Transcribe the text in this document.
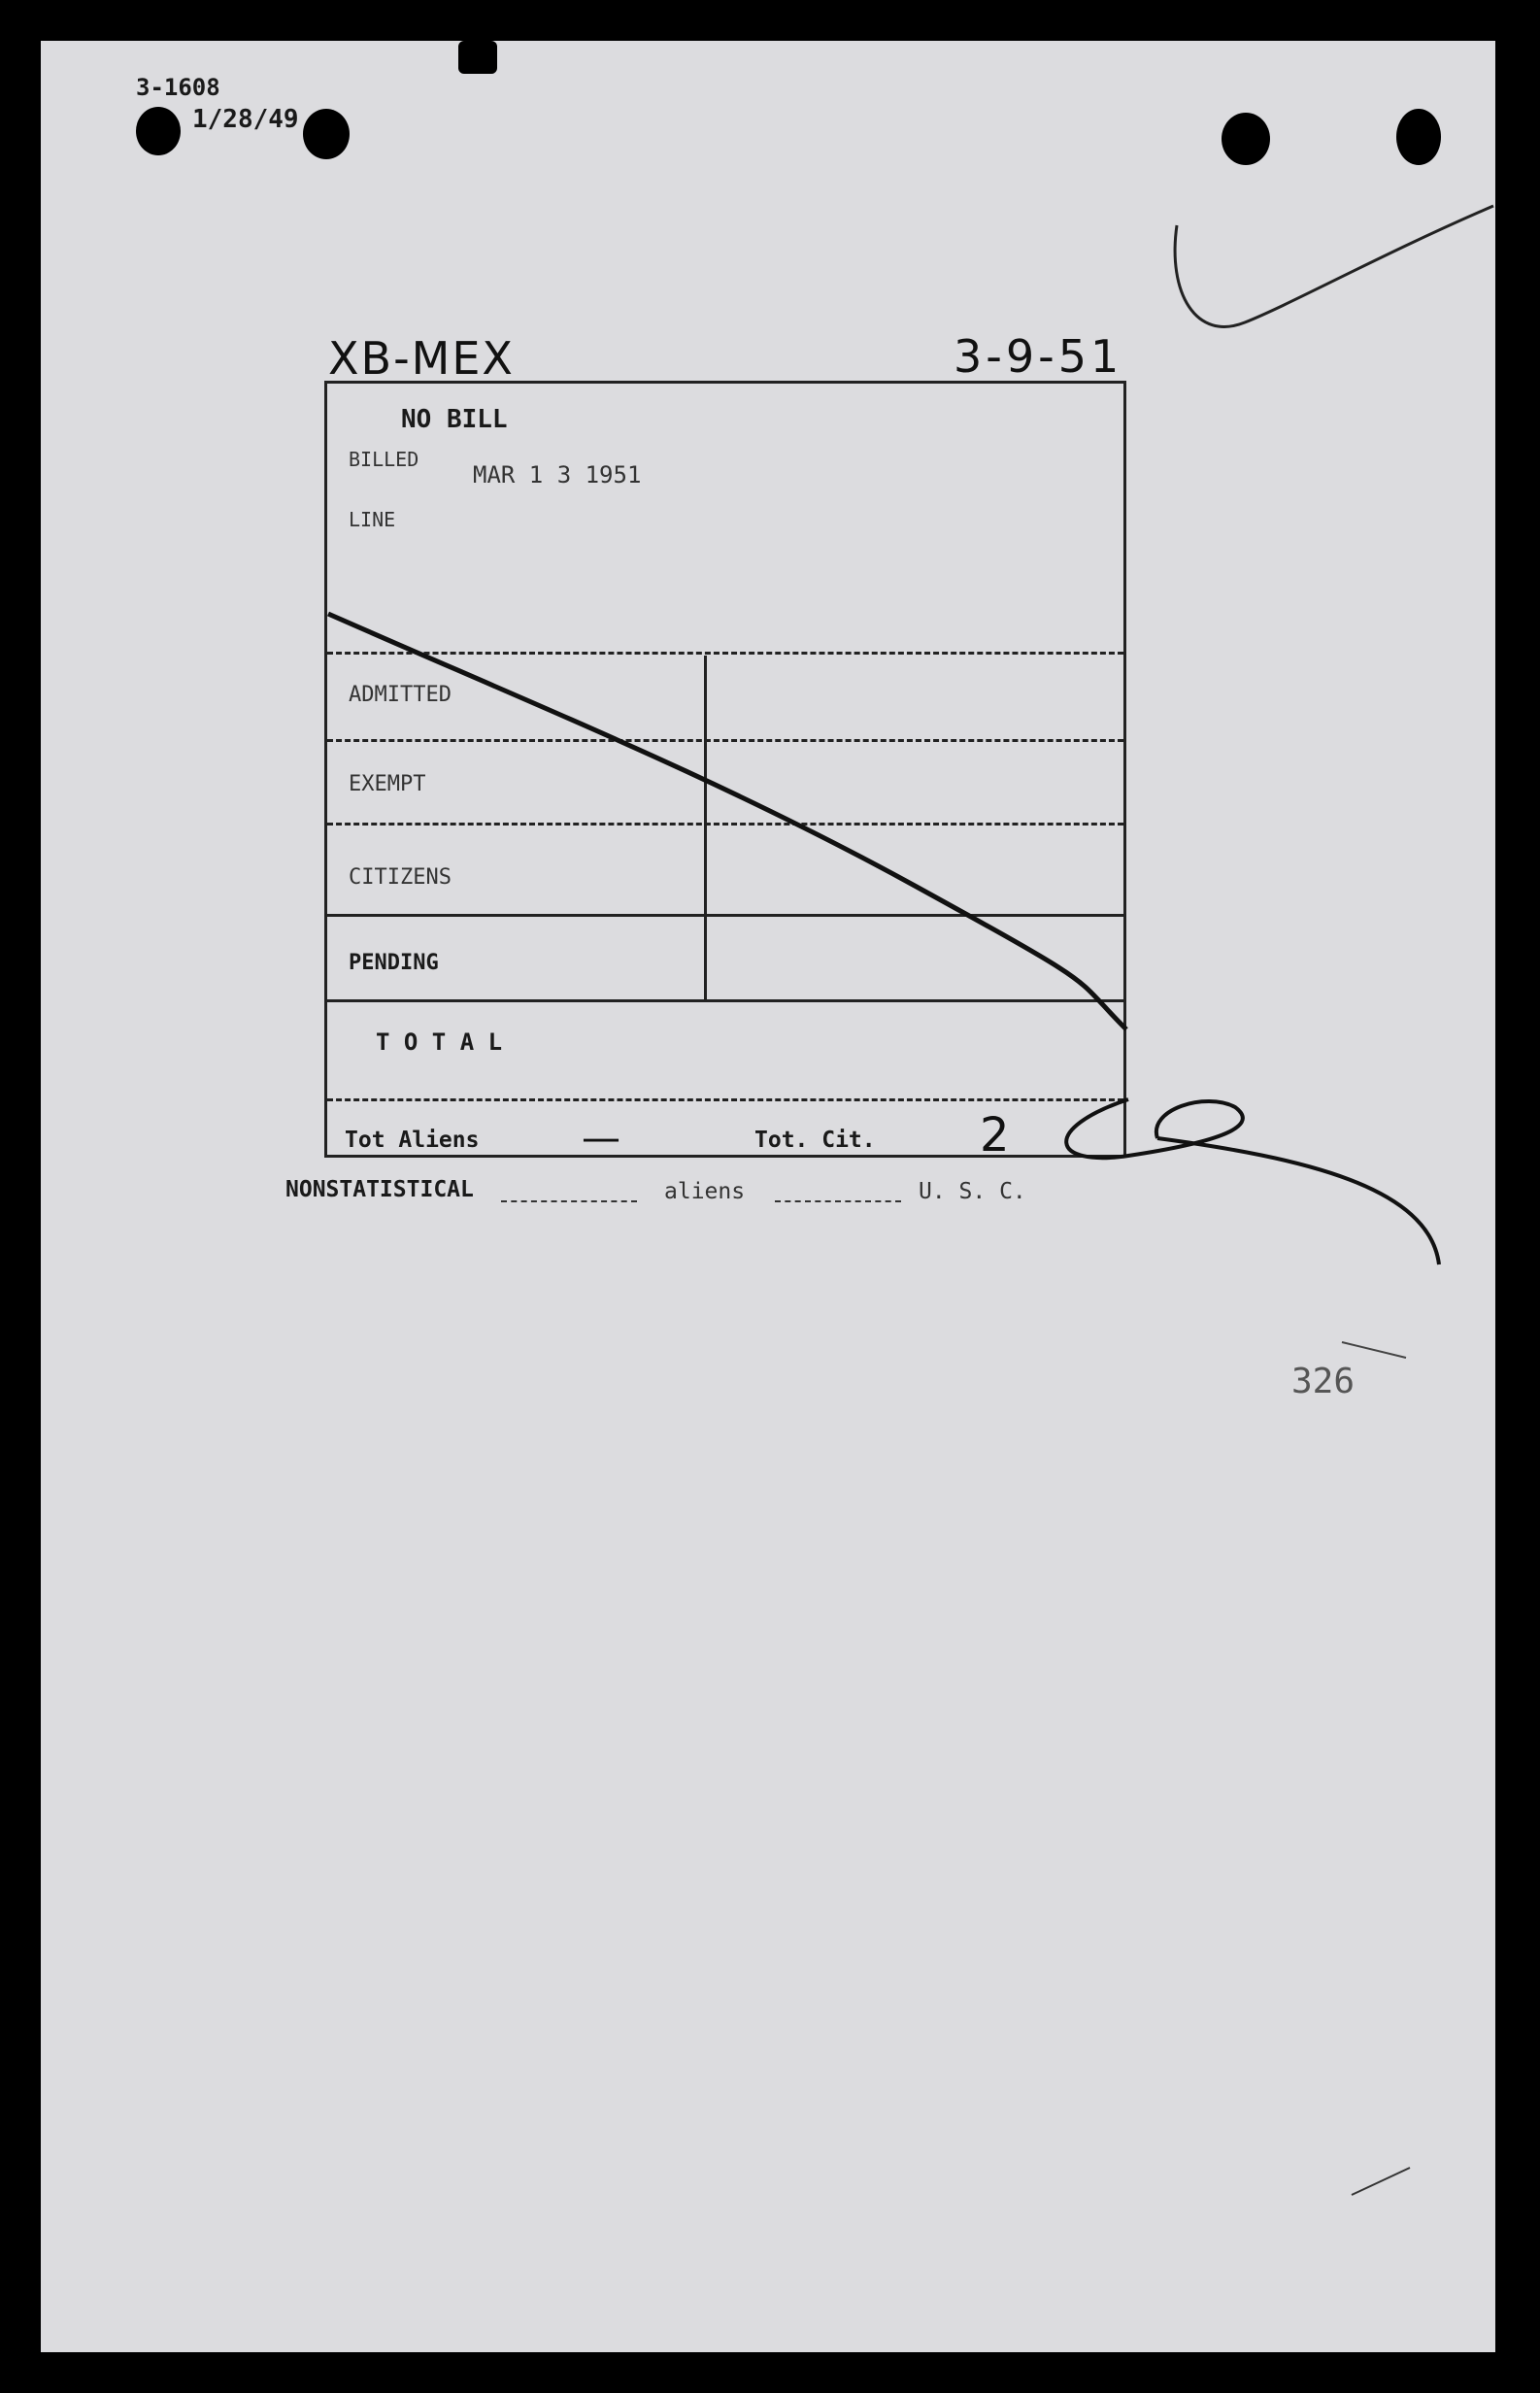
3-1608
1/28/49
XB-MEX	3-9-51
NO BILL
BILLED
MAR 1 3 1951
LINE
ADMITTED
EXEMPT
CITIZENS
PENDING
T O T A L
Tot Aliens	—	Tot. Cit. 2
NONSTATISTICAL	aliens	U. S. C.
326
